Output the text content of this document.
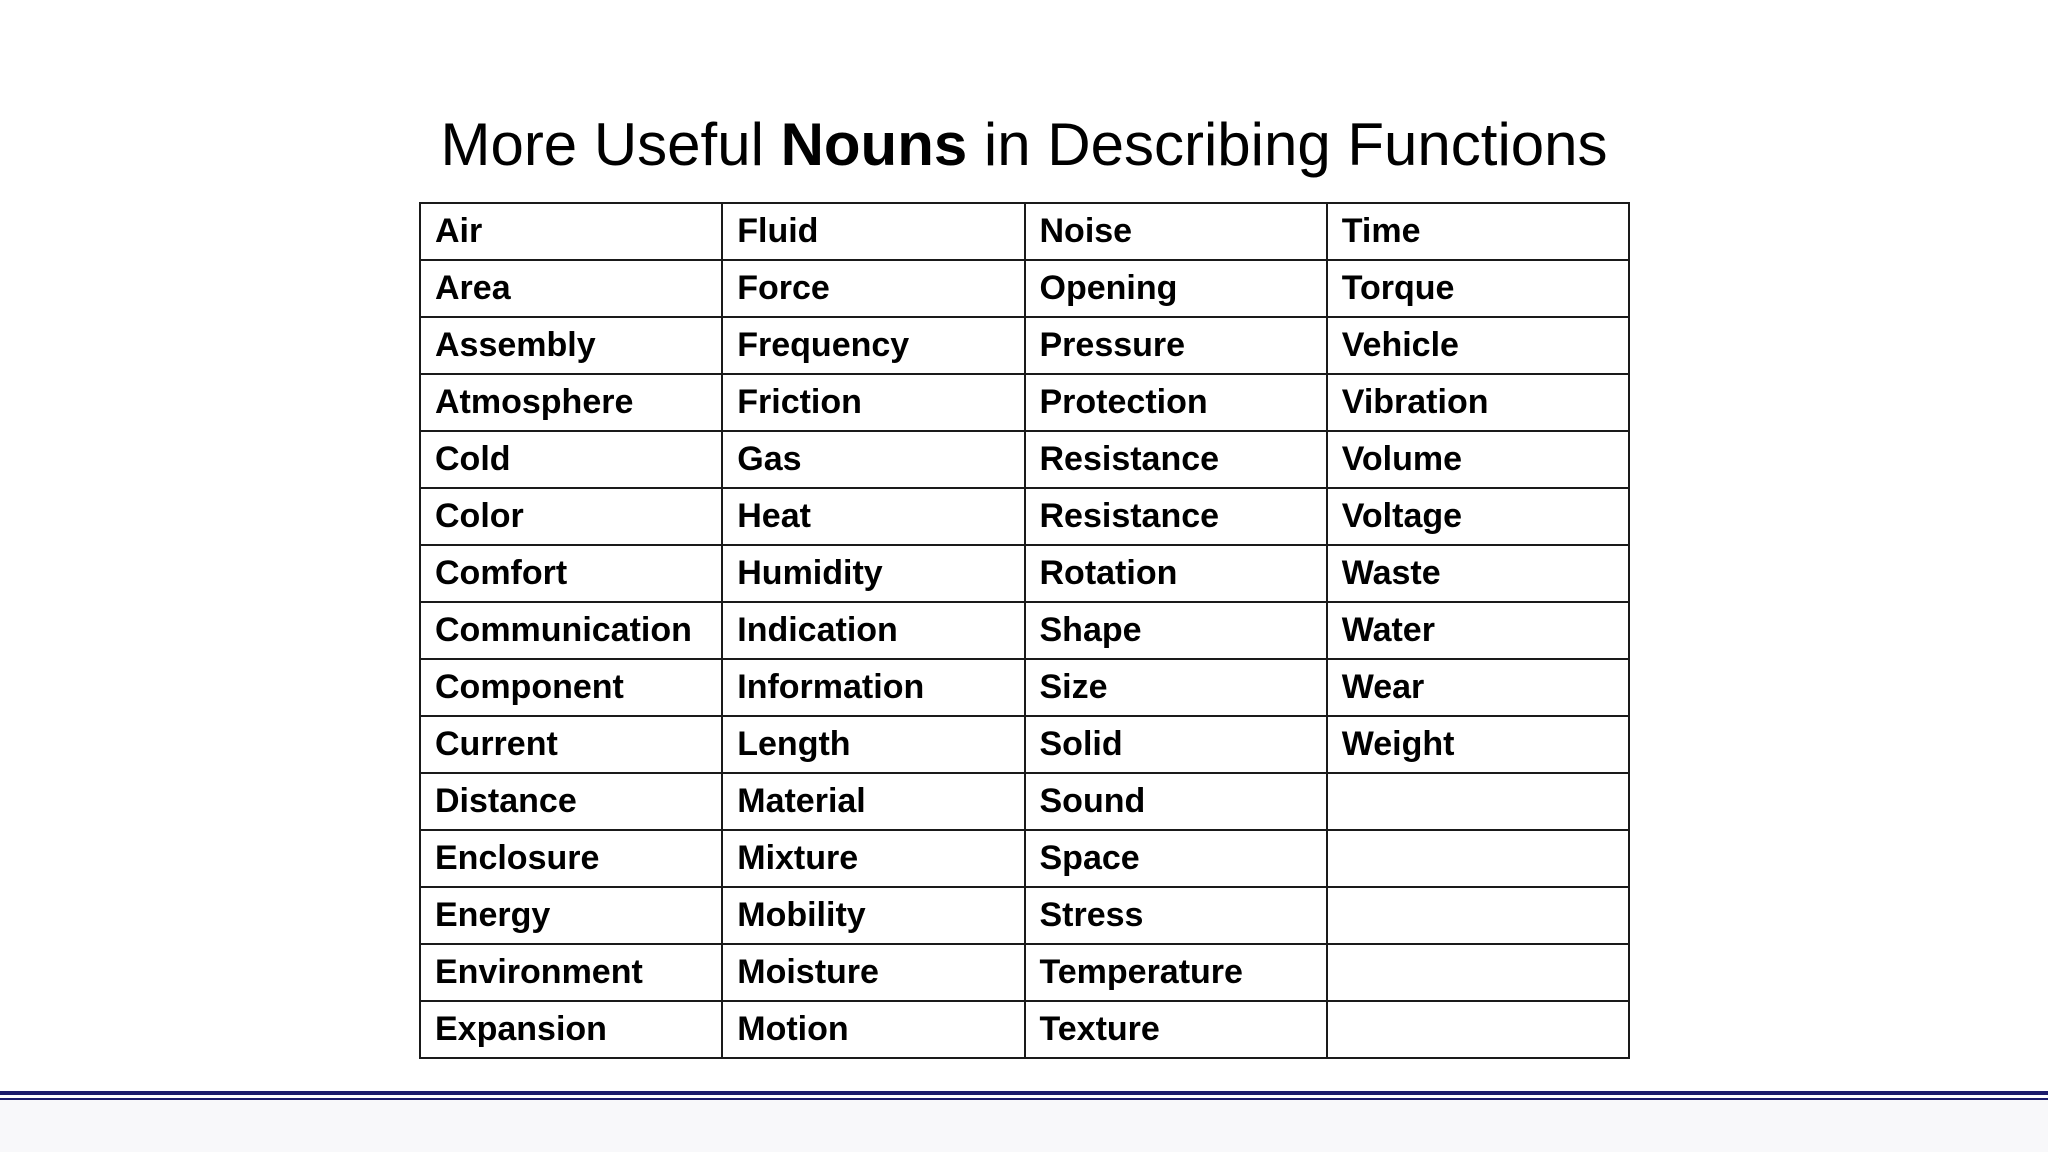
More Useful Nouns in Describing Functions
Air	Fluid	Noise	Time
Area	Force	Opening	Torque
Assembly	Frequency	Pressure	Vehicle
Atmosphere	Friction	Protection	Vibration
Cold	Gas	Resistance	Volume
Color	Heat	Resistance	Voltage
Comfort	Humidity	Rotation	Waste
Communication	Indication	Shape	Water
Component	Information	Size	Wear
Current	Length	Solid	Weight
Distance	Material	Sound	
Enclosure	Mixture	Space	
Energy	Mobility	Stress	
Environment	Moisture	Temperature	
Expansion	Motion	Texture	
